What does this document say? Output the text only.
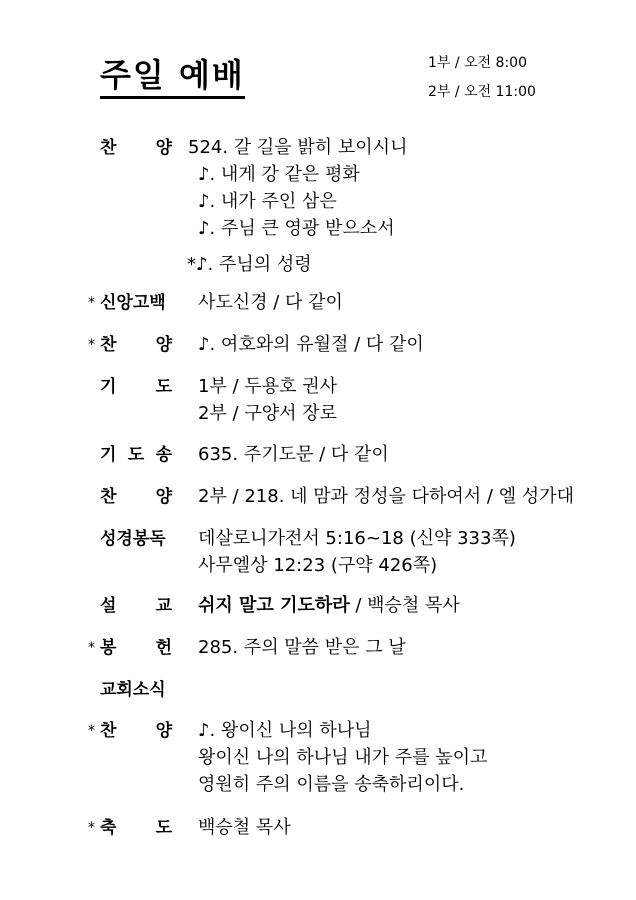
주일 예배	1부 / 오전 8:00
2부 / 오전 11:00
찬 양 524. 갈 길을 밝히 보이시니
♪. 내게 강 같은 평화
♪. 내가 주인 삼은
♪. 주님 큰 영광 받으소서
*♪. 주님의 성령
* 신앙고백 사도신경 / 다 같이
* 찬 양 ♪. 여호와의 유월절 / 다 같이
기 도 1부 / 두용호 권사
2부 / 구양서 장로
기 도 송 635. 주기도문 / 다 같이
찬 양 2부 / 218. 네 맘과 정성을 다하여서 / 엘 성가대
성경봉독 데살로니가전서 5:16~18 (신약 333쪽)
사무엘상 12:23 (구약 426쪽)
설 교 쉬지 말고 기도하라 / 백승철 목사
* 봉 헌 285. 주의 말씀 받은 그 날
교회소식
* 찬 양 ♪. 왕이신 나의 하나님
왕이신 나의 하나님 내가 주를 높이고
영원히 주의 이름을 송축하리이다.
* 축 도 백승철 목사
